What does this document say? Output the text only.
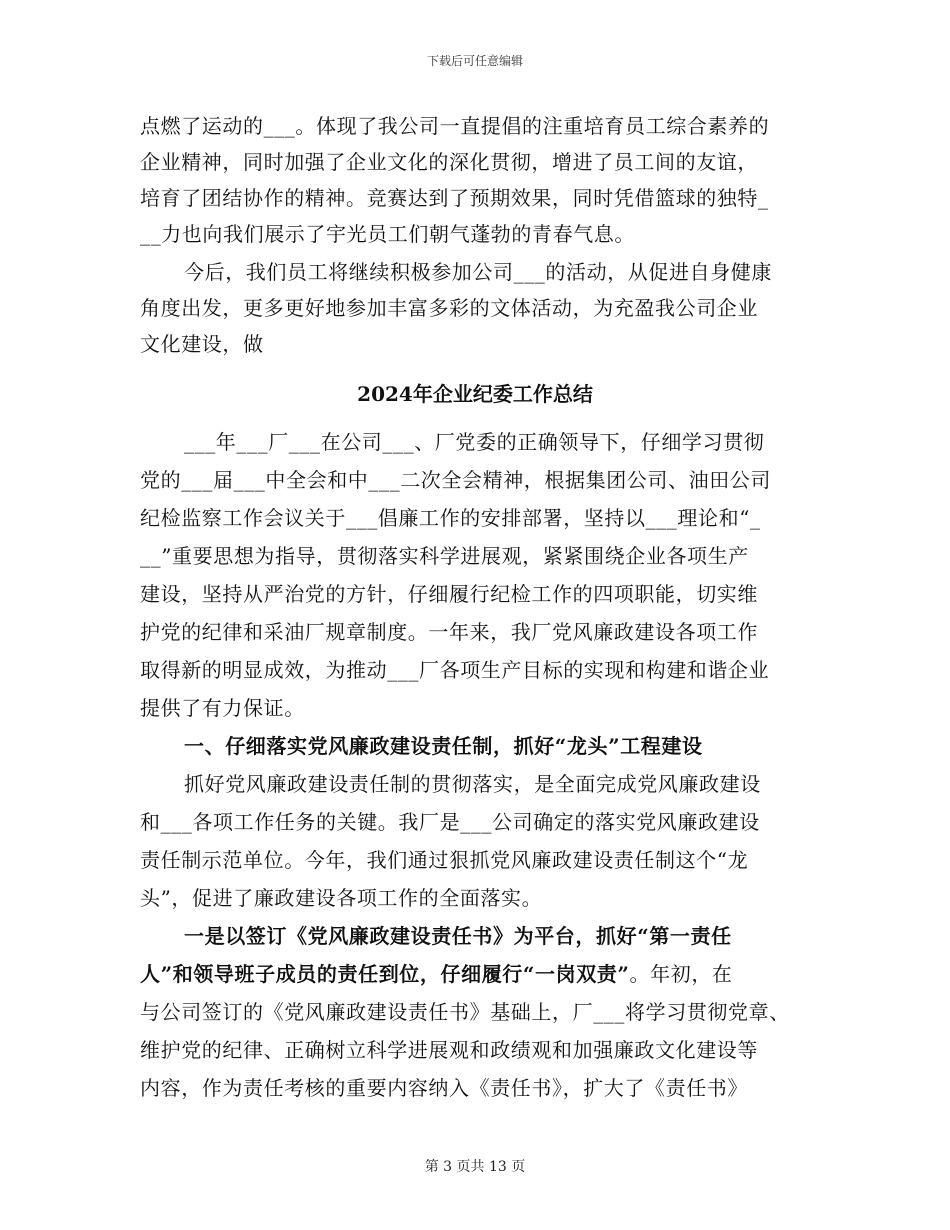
下载后可任意编辑
点燃了运动的___。体现了我公司一直提倡的注重培育员工综合素养的
企业精神，同时加强了企业文化的深化贯彻，增进了员工间的友谊，
培育了团结协作的精神。竞赛达到了预期效果，同时凭借篮球的独特_
__力也向我们展示了宇光员工们朝气蓬勃的青春气息。
今后，我们员工将继续积极参加公司___的活动，从促进自身健康
角度出发，更多更好地参加丰富多彩的文体活动，为充盈我公司企业
文化建设，做
2024年企业纪委工作总结
___年___厂___在公司___、厂党委的正确领导下，仔细学习贯彻
党的___届___中全会和中___二次全会精神，根据集团公司、油田公司
纪检监察工作会议关于___倡廉工作的安排部署，坚持以___理论和“_
__”重要思想为指导，贯彻落实科学进展观，紧紧围绕企业各项生产
建设，坚持从严治党的方针，仔细履行纪检工作的四项职能，切实维
护党的纪律和采油厂规章制度。一年来，我厂党风廉政建设各项工作
取得新的明显成效，为推动___厂各项生产目标的实现和构建和谐企业
提供了有力保证。
一、仔细落实党风廉政建设责任制，抓好“龙头”工程建设
抓好党风廉政建设责任制的贯彻落实，是全面完成党风廉政建设
和___各项工作任务的关键。我厂是___公司确定的落实党风廉政建设
责任制示范单位。今年，我们通过狠抓党风廉政建设责任制这个“龙
头”，促进了廉政建设各项工作的全面落实。
一是以签订《党风廉政建设责任书》为平台，抓好“第一责任
人”和领导班子成员的责任到位，仔细履行“一岗双责”。年初，在
与公司签订的《党风廉政建设责任书》基础上，厂___将学习贯彻党章、
维护党的纪律、正确树立科学进展观和政绩观和加强廉政文化建设等
内容，作为责任考核的重要内容纳入《责任书》，扩大了《责任书》
第 3 页共 13 页
